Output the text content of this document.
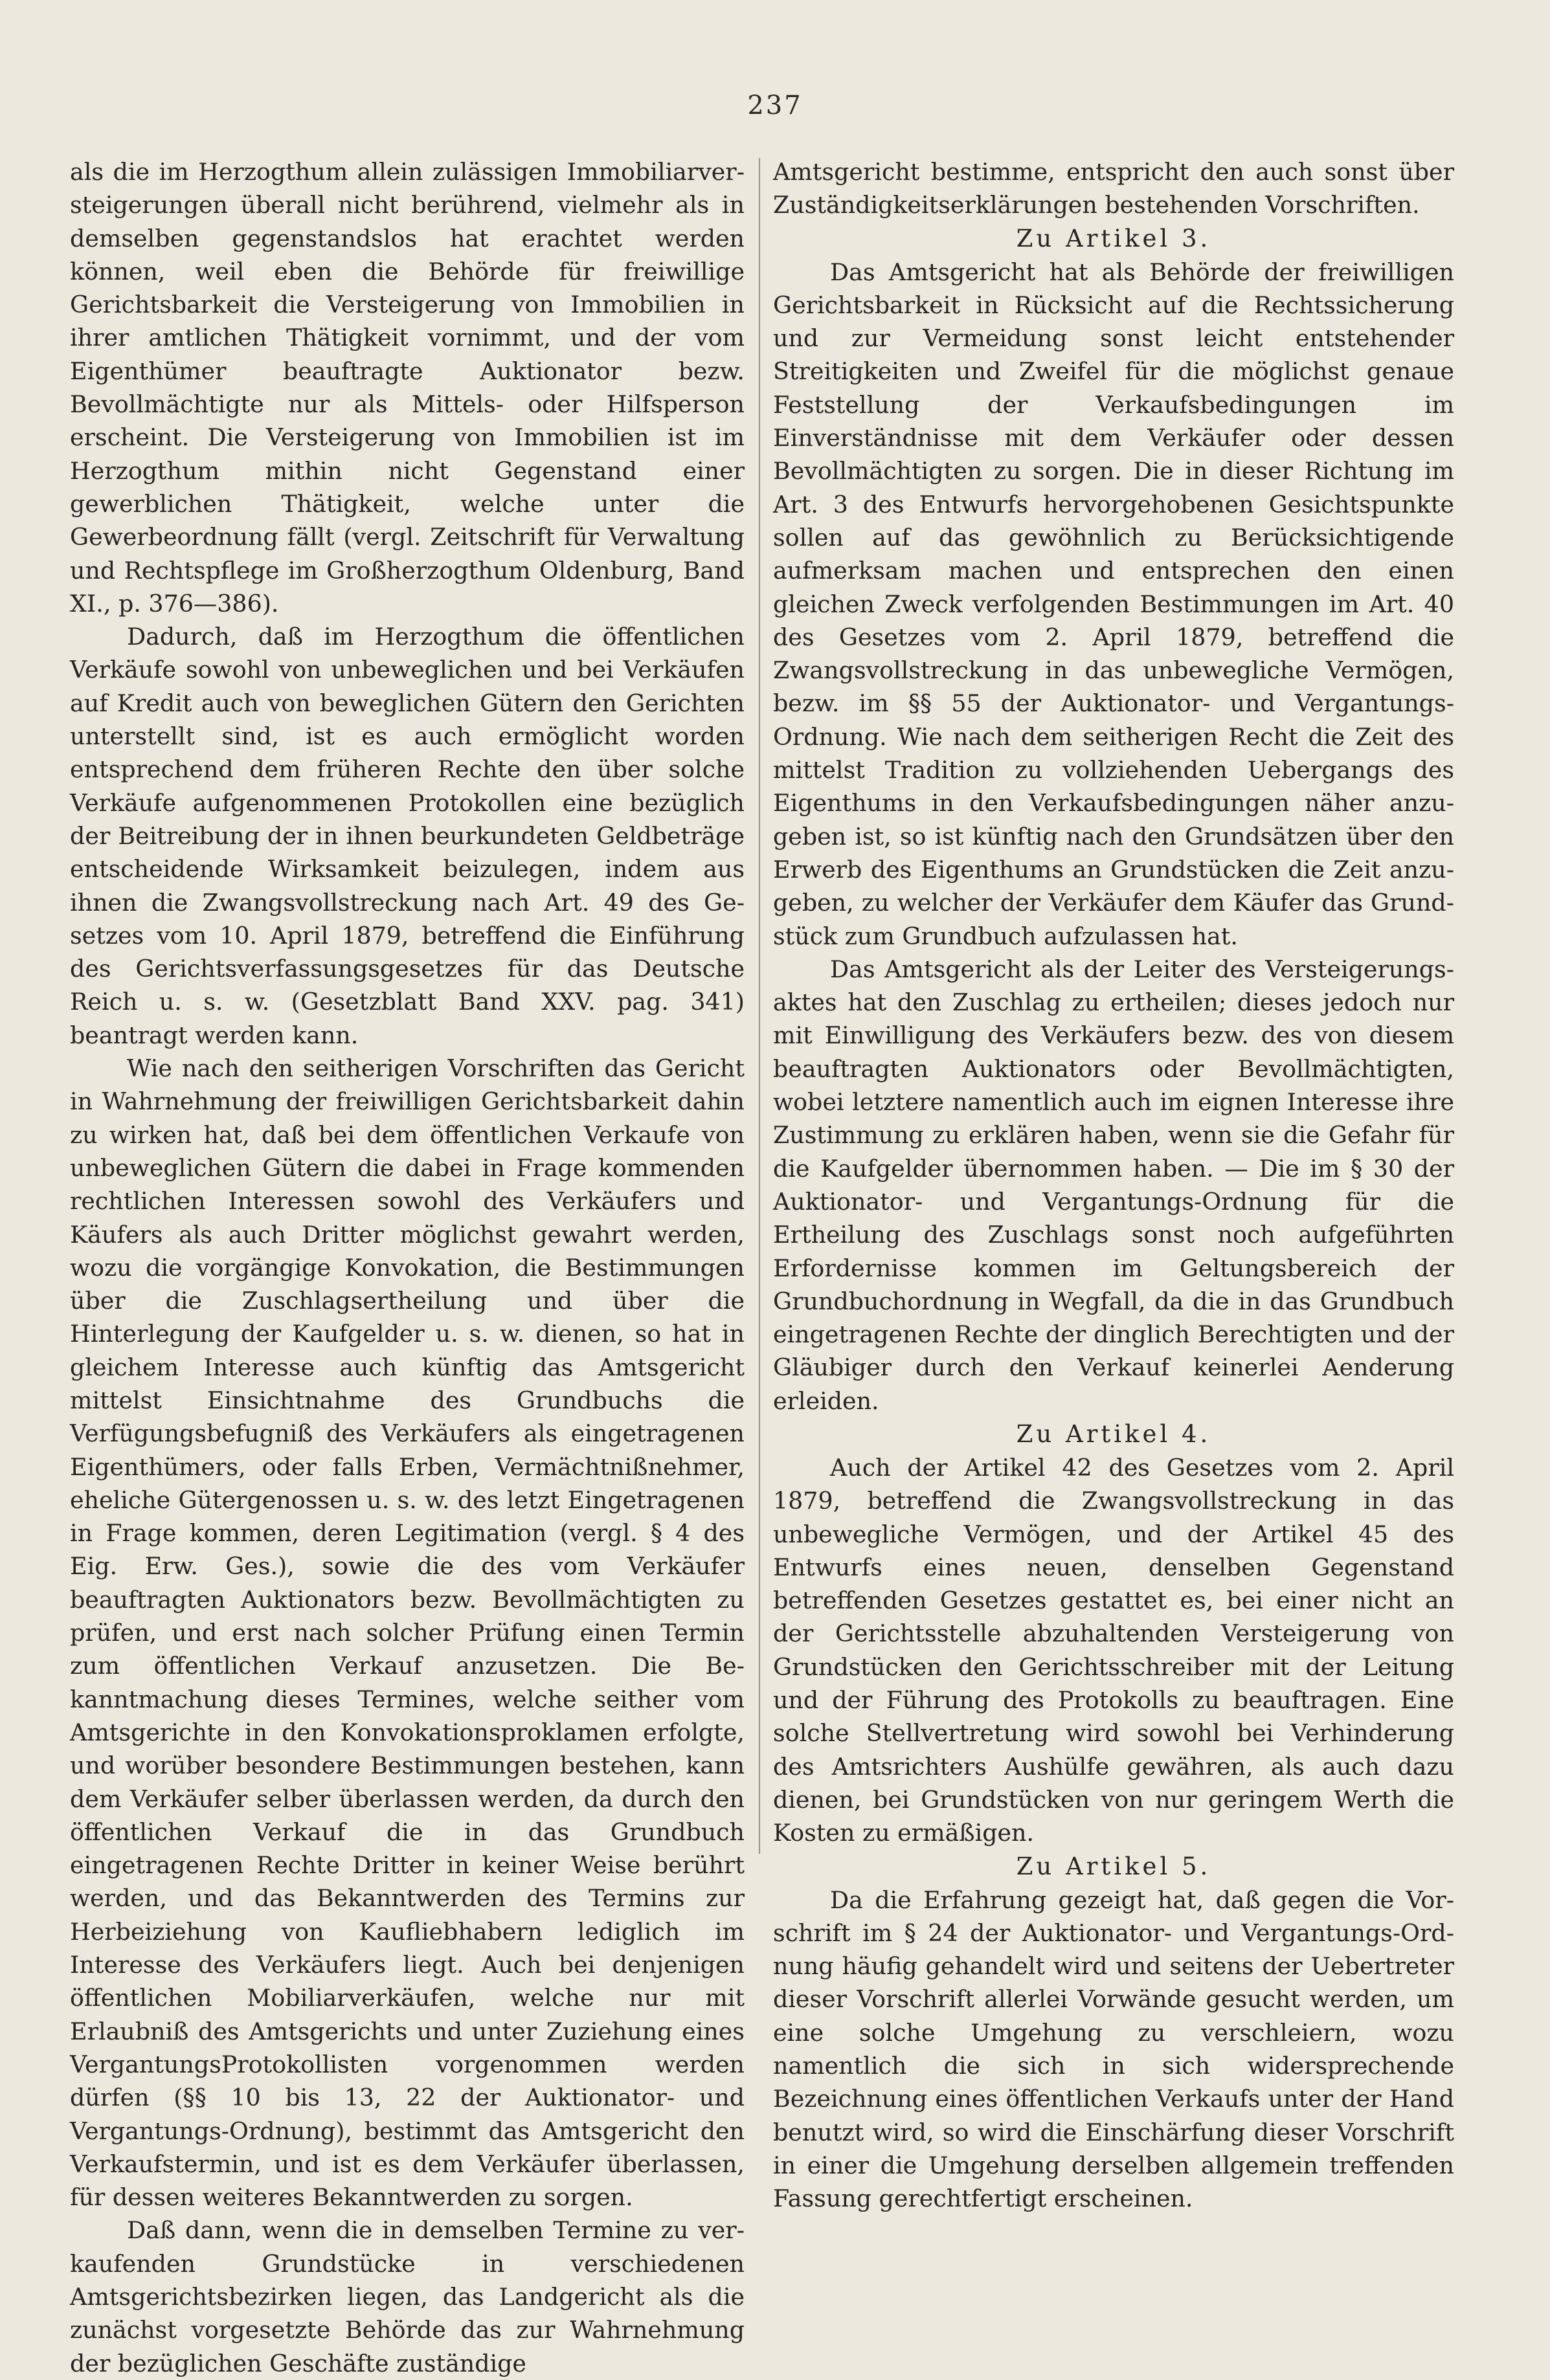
237

als die im Herzogthum allein zulässigen Immobiliarversteigerungen überall nicht berührend, vielmehr als in demselben gegenstandslos hat erachtet werden können, weil eben die Behörde für freiwillige Gerichtsbarkeit die Versteigerung von Immobilien in ihrer amtlichen Thätigkeit vornimmt, und der vom Eigenthümer beauftragte Auktionator bezw. Bevollmächtigte nur als Mittels- oder Hilfsperson erscheint. Die Versteigerung von Immobilien ist im Herzogthum mithin nicht Gegenstand einer gewerblichen Thätigkeit, welche unter die Gewerbeordnung fällt (vergl. Zeitschrift für Verwaltung und Rechtspflege im Großherzogthum Oldenburg, Band XI., p. 376—386).

Dadurch, daß im Herzogthum die öffentlichen Verkäufe sowohl von unbeweglichen und bei Verkäufen auf Kredit auch von beweglichen Gütern den Gerichten unterstellt sind, ist es auch ermöglicht worden entsprechend dem früheren Rechte den über solche Verkäufe aufgenommenen Protokollen eine bezüglich der Beitreibung der in ihnen beurkundeten Geldbeträge entscheidende Wirksamkeit beizulegen, indem aus ihnen die Zwangsvollstreckung nach Art. 49 des Gesetzes vom 10. April 1879, betreffend die Einführung des Gerichtsverfassungsgesetzes für das Deutsche Reich u. s. w. (Gesetzblatt Band XXV. pag. 341) beantragt werden kann.

Wie nach den seitherigen Vorschriften das Gericht in Wahrnehmung der freiwilligen Gerichtsbarkeit dahin zu wirken hat, daß bei dem öffentlichen Verkaufe von unbeweglichen Gütern die dabei in Frage kommenden rechtlichen Interessen sowohl des Verkäufers und Käufers als auch Dritter möglichst gewahrt werden, wozu die vorgängige Konvokation, die Bestimmungen über die Zuschlagsertheilung und über die Hinterlegung der Kaufgelder u. s. w. dienen, so hat in gleichem Interesse auch künftig das Amtsgericht mittelst Einsichtnahme des Grundbuchs die Verfügungsbefugniß des Verkäufers als eingetragenen Eigenthümers, oder falls Erben, Vermächtnißnehmer, eheliche Gütergenossen u. s. w. des letzt Eingetragenen in Frage kommen, deren Legitimation (vergl. § 4 des Eig. Erw. Ges.), sowie die des vom Verkäufer beauftragten Auktionators bezw. Bevollmächtigten zu prüfen, und erst nach solcher Prüfung einen Termin zum öffentlichen Verkauf anzusetzen. Die Bekanntmachung dieses Termines, welche seither vom Amtsgerichte in den Konvokationsproklamen erfolgte, und worüber besondere Bestimmungen bestehen, kann dem Verkäufer selber überlassen werden, da durch den öffentlichen Verkauf die in das Grundbuch eingetragenen Rechte Dritter in keiner Weise berührt werden, und das Bekanntwerden des Termins zur Herbeiziehung von Kaufliebhabern lediglich im Interesse des Verkäufers liegt. Auch bei denjenigen öffentlichen Mobiliarverkäufen, welche nur mit Erlaubniß des Amtsgerichts und unter Zuziehung eines VergantungsProtokollisten vorgenommen werden dürfen (§§ 10 bis 13, 22 der Auktionator- und Vergantungs-Ordnung), bestimmt das Amtsgericht den Verkaufstermin, und ist es dem Verkäufer überlassen, für dessen weiteres Bekanntwerden zu sorgen.

Daß dann, wenn die in demselben Termine zu verkaufenden Grundstücke in verschiedenen Amtsgerichtsbezirken liegen, das Landgericht als die zunächst vorgesetzte Behörde das zur Wahrnehmung der bezüglichen Geschäfte zuständige

Amtsgericht bestimme, entspricht den auch sonst über Zuständigkeitserklärungen bestehenden Vorschriften.

Zu Artikel 3.

Das Amtsgericht hat als Behörde der freiwilligen Gerichtsbarkeit in Rücksicht auf die Rechtssicherung und zur Vermeidung sonst leicht entstehender Streitigkeiten und Zweifel für die möglichst genaue Feststellung der Verkaufsbedingungen im Einverständnisse mit dem Verkäufer oder dessen Bevollmächtigten zu sorgen. Die in dieser Richtung im Art. 3 des Entwurfs hervorgehobenen Gesichtspunkte sollen auf das gewöhnlich zu Berücksichtigende aufmerksam machen und entsprechen den einen gleichen Zweck verfolgenden Bestimmungen im Art. 40 des Gesetzes vom 2. April 1879, betreffend die Zwangsvollstreckung in das unbewegliche Vermögen, bezw. im §§ 55 der Auktionator- und Vergantungs-Ordnung. Wie nach dem seitherigen Recht die Zeit des mittelst Tradition zu vollziehenden Uebergangs des Eigenthums in den Verkaufsbedingungen näher anzugeben ist, so ist künftig nach den Grundsätzen über den Erwerb des Eigenthums an Grundstücken die Zeit anzugeben, zu welcher der Verkäufer dem Käufer das Grundstück zum Grundbuch aufzulassen hat.

Das Amtsgericht als der Leiter des Versteigerungsaktes hat den Zuschlag zu ertheilen; dieses jedoch nur mit Einwilligung des Verkäufers bezw. des von diesem beauftragten Auktionators oder Bevollmächtigten, wobei letztere namentlich auch im eignen Interesse ihre Zustimmung zu erklären haben, wenn sie die Gefahr für die Kaufgelder übernommen haben. — Die im § 30 der Auktionator- und Vergantungs-Ordnung für die Ertheilung des Zuschlags sonst noch aufgeführten Erfordernisse kommen im Geltungsbereich der Grundbuchordnung in Wegfall, da die in das Grundbuch eingetragenen Rechte der dinglich Berechtigten und der Gläubiger durch den Verkauf keinerlei Aenderung erleiden.

Zu Artikel 4.

Auch der Artikel 42 des Gesetzes vom 2. April 1879, betreffend die Zwangsvollstreckung in das unbewegliche Vermögen, und der Artikel 45 des Entwurfs eines neuen, denselben Gegenstand betreffenden Gesetzes gestattet es, bei einer nicht an der Gerichtsstelle abzuhaltenden Versteigerung von Grundstücken den Gerichtsschreiber mit der Leitung und der Führung des Protokolls zu beauftragen. Eine solche Stellvertretung wird sowohl bei Verhinderung des Amtsrichters Aushülfe gewähren, als auch dazu dienen, bei Grundstücken von nur geringem Werth die Kosten zu ermäßigen.

Zu Artikel 5.

Da die Erfahrung gezeigt hat, daß gegen die Vorschrift im § 24 der Auktionator- und Vergantungs-Ordnung häufig gehandelt wird und seitens der Uebertreter dieser Vorschrift allerlei Vorwände gesucht werden, um eine solche Umgehung zu verschleiern, wozu namentlich die sich in sich widersprechende Bezeichnung eines öffentlichen Verkaufs unter der Hand benutzt wird, so wird die Einschärfung dieser Vorschrift in einer die Umgehung derselben allgemein treffenden Fassung gerechtfertigt erscheinen.
